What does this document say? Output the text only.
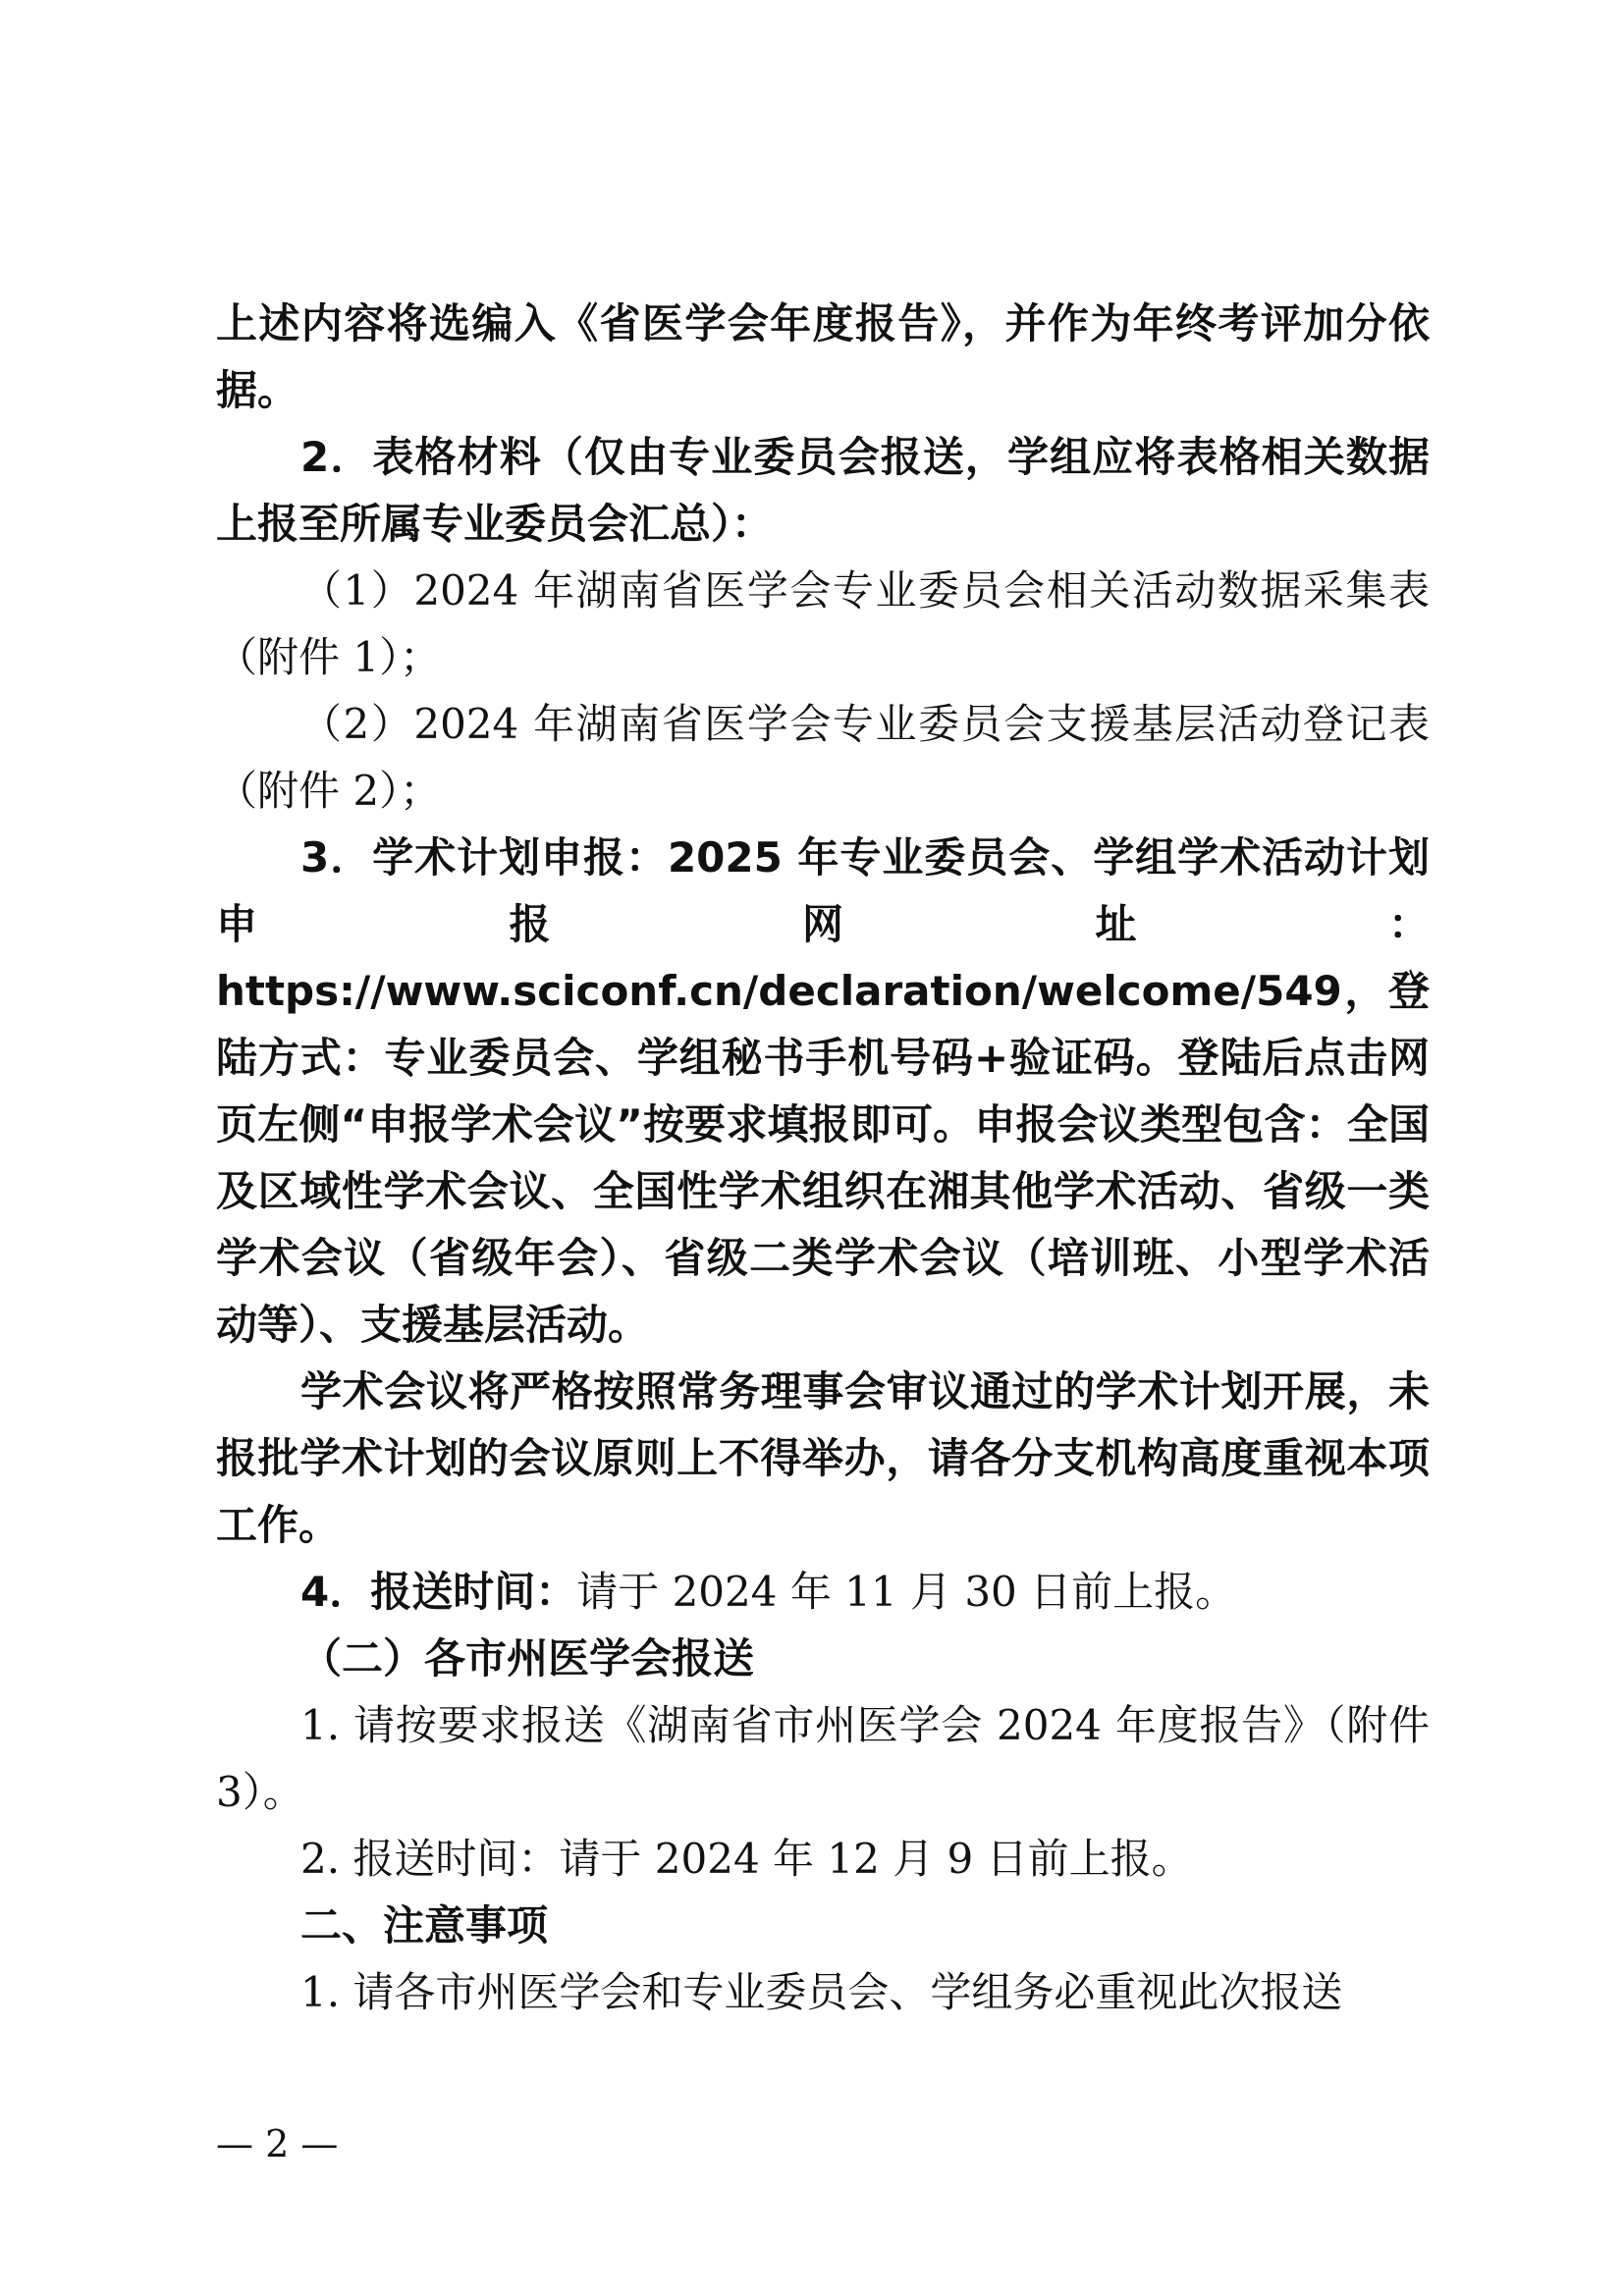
上述内容将选编入《省医学会年度报告》，并作为年终考评加分依据。

2．表格材料（仅由专业委员会报送，学组应将表格相关数据上报至所属专业委员会汇总）：

（1）2024 年湖南省医学会专业委员会相关活动数据采集表（附件 1）；

（2）2024 年湖南省医学会专业委员会支援基层活动登记表（附件 2）；

3．学术计划申报：2025 年专业委员会、学组学术活动计划申报网址：https://www.sciconf.cn/declaration/welcome/549，登陆方式：专业委员会、学组秘书手机号码+验证码。登陆后点击网页左侧“申报学术会议”按要求填报即可。申报会议类型包含：全国及区域性学术会议、全国性学术组织在湘其他学术活动、省级一类学术会议（省级年会）、省级二类学术会议（培训班、小型学术活动等）、支援基层活动。

学术会议将严格按照常务理事会审议通过的学术计划开展，未报批学术计划的会议原则上不得举办，请各分支机构高度重视本项工作。

4．报送时间：请于 2024 年 11 月 30 日前上报。

（二）各市州医学会报送

1. 请按要求报送《湖南省市州医学会 2024 年度报告》（附件 3）。

2. 报送时间：请于 2024 年 12 月 9 日前上报。

二、注意事项

1. 请各市州医学会和专业委员会、学组务必重视此次报送

— 2 —
